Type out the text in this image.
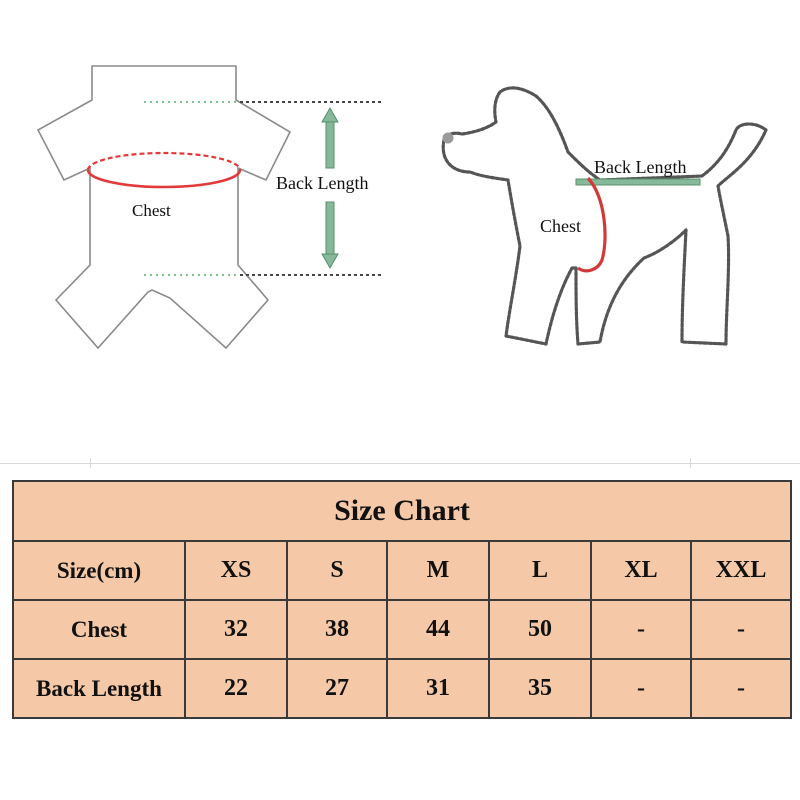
Chest
Back Length
Back Length
Chest
Size Chart						
Size(cm)	XS	S	M	L	XL	XXL
Chest	32	38	44	50	-	-
Back Length	22	27	31	35	-	-
